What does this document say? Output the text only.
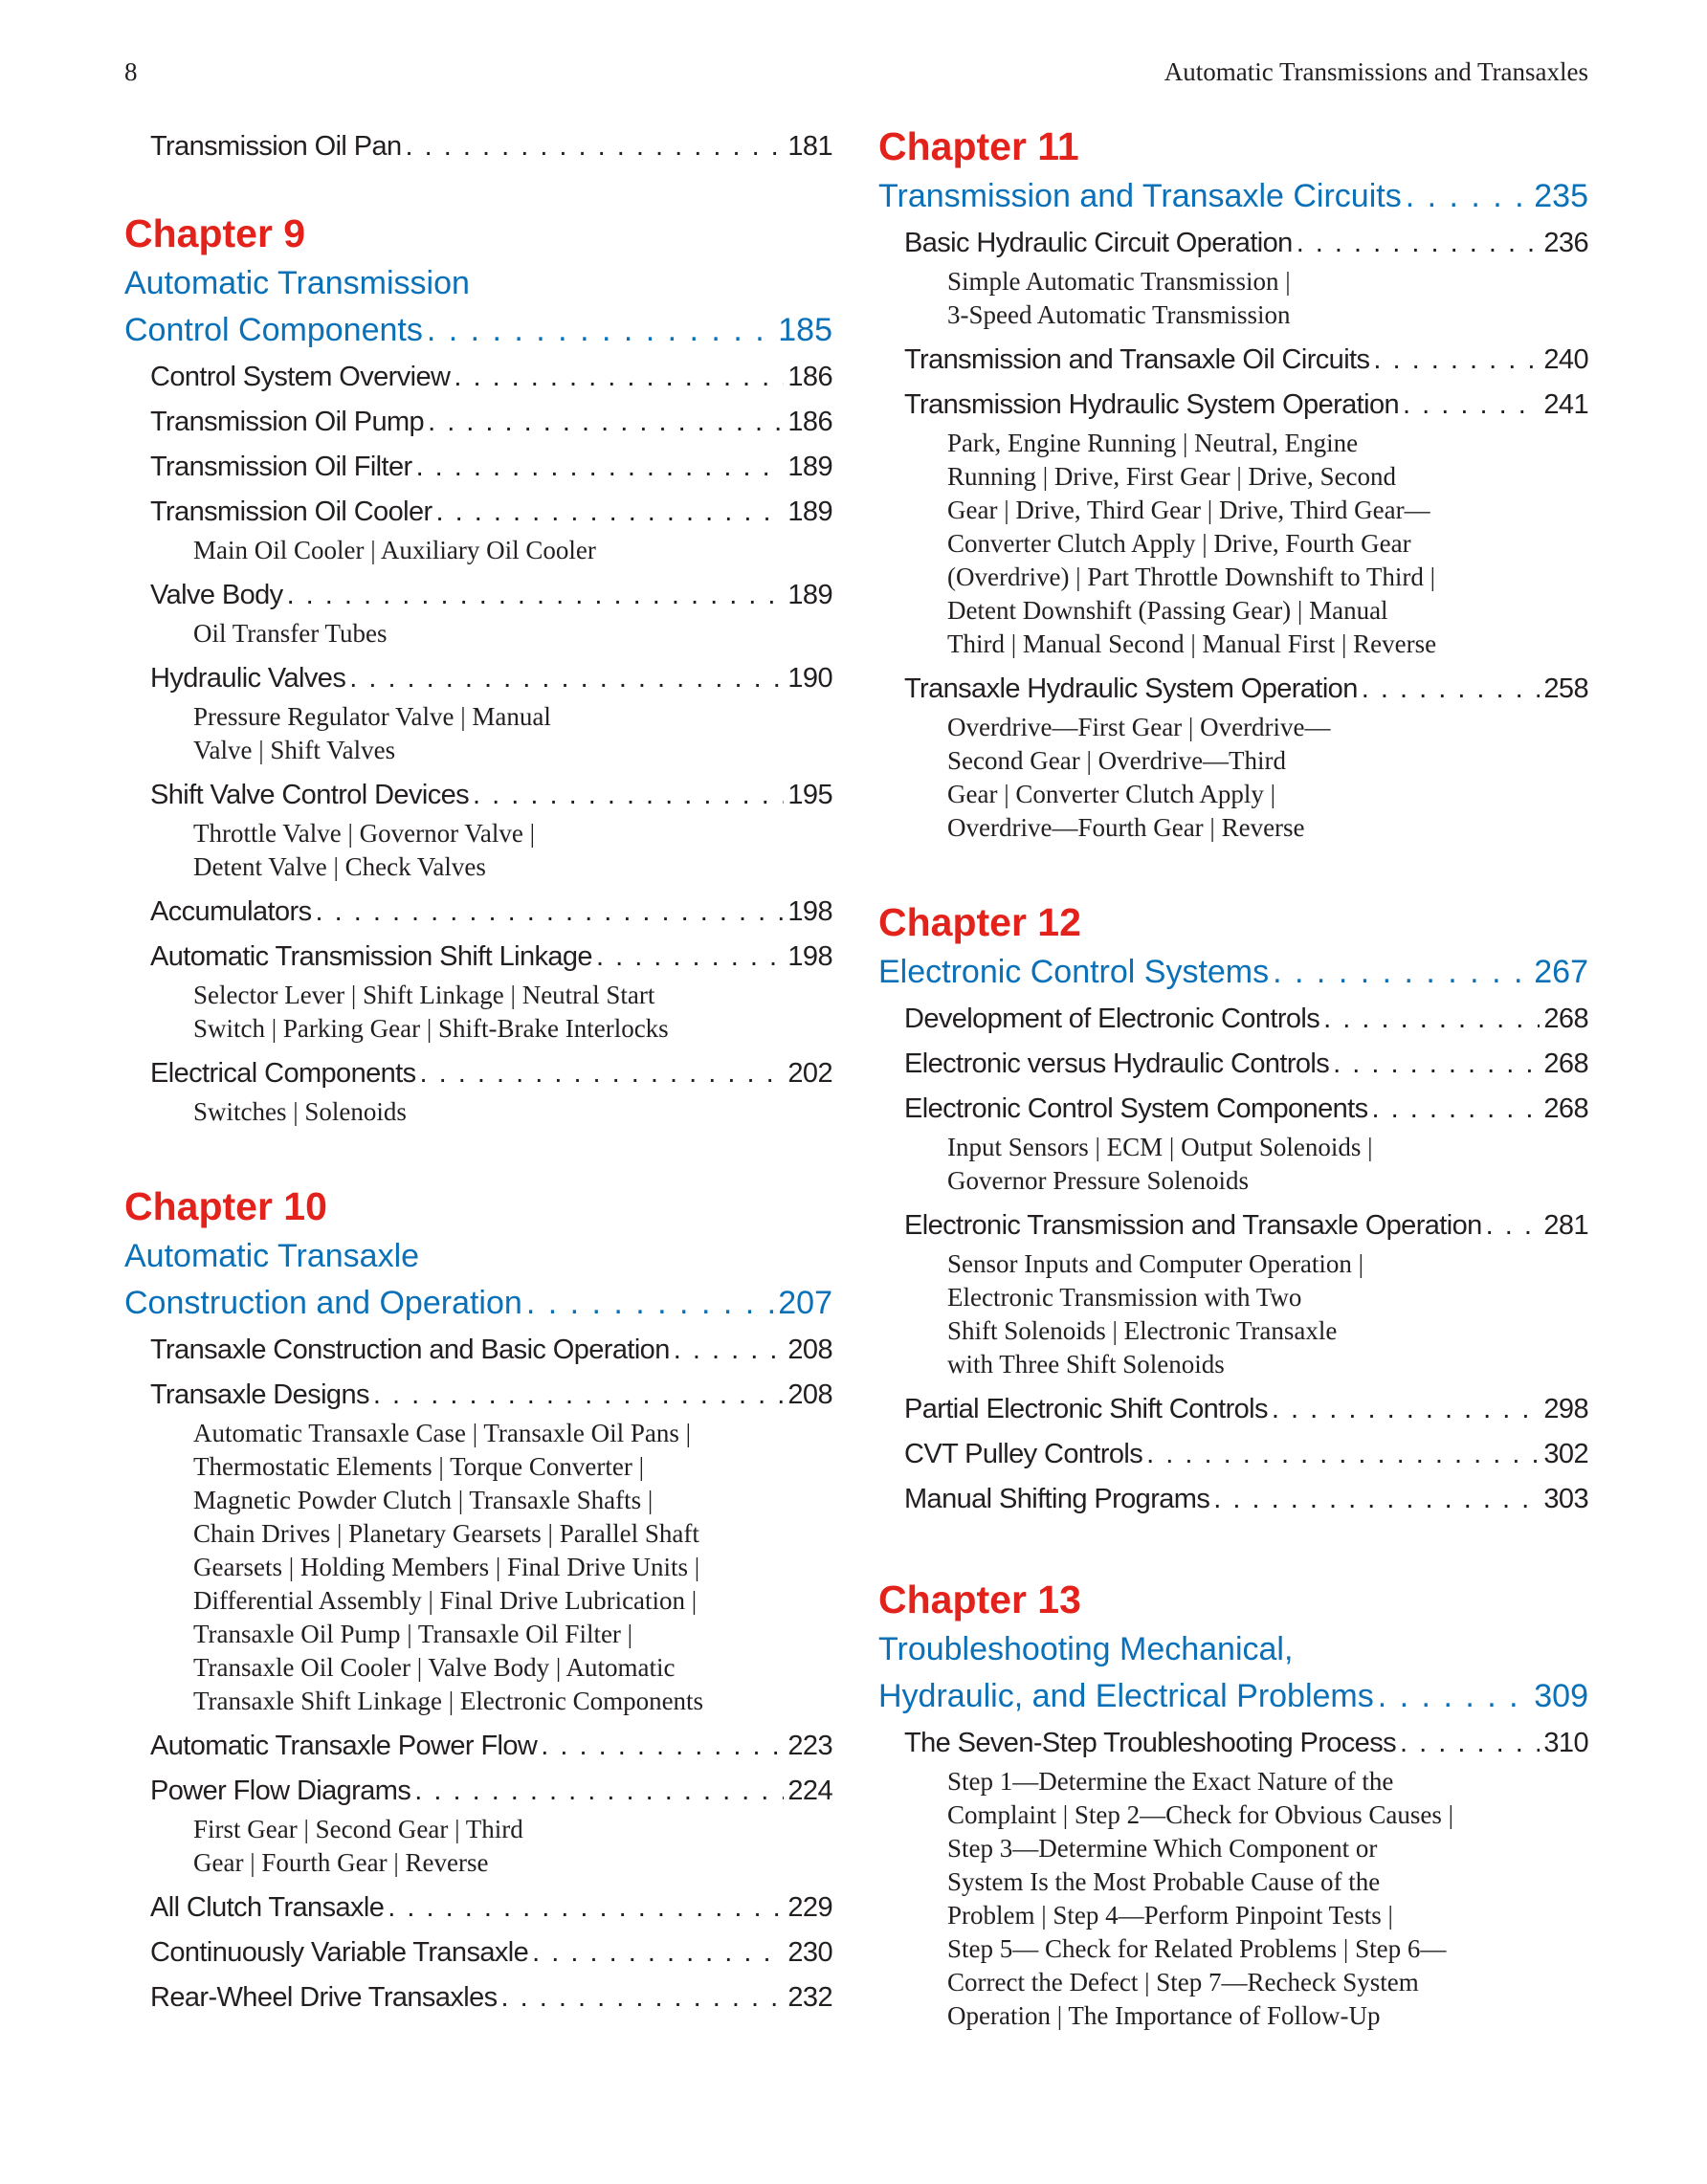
8	Automatic Transmissions and Transaxles
Transmission Oil Pan . . .	181
Chapter 9
Automatic Transmission
Control Components . . .	185
Control System Overview . . .	186
Transmission Oil Pump . . .	186
Transmission Oil Filter . . .	189
Transmission Oil Cooler . . .	189
Main Oil Cooler | Auxiliary Oil Cooler
Valve Body . . .	189
Oil Transfer Tubes
Hydraulic Valves . . .	190
Pressure Regulator Valve | Manual
Valve | Shift Valves
Shift Valve Control Devices . . .	195
Throttle Valve | Governor Valve |
Detent Valve | Check Valves
Accumulators . . .	198
Automatic Transmission Shift Linkage . . .	198
Selector Lever | Shift Linkage | Neutral Start
Switch | Parking Gear | Shift-Brake Interlocks
Electrical Components . . .	202
Switches | Solenoids
Chapter 10
Automatic Transaxle
Construction and Operation . . .	207
Transaxle Construction and Basic Operation . . .	208
Transaxle Designs . . .	208
Automatic Transaxle Case | Transaxle Oil Pans |
Thermostatic Elements | Torque Converter |
Magnetic Powder Clutch | Transaxle Shafts |
Chain Drives | Planetary Gearsets | Parallel Shaft
Gearsets | Holding Members | Final Drive Units |
Differential Assembly | Final Drive Lubrication |
Transaxle Oil Pump | Transaxle Oil Filter |
Transaxle Oil Cooler | Valve Body | Automatic
Transaxle Shift Linkage | Electronic Components
Automatic Transaxle Power Flow . . .	223
Power Flow Diagrams . . .	224
First Gear | Second Gear | Third
Gear | Fourth Gear | Reverse
All Clutch Transaxle . . .	229
Continuously Variable Transaxle . . .	230
Rear-Wheel Drive Transaxles . . .	232
Chapter 11
Transmission and Transaxle Circuits . . .	235
Basic Hydraulic Circuit Operation . . .	236
Simple Automatic Transmission |
3-Speed Automatic Transmission
Transmission and Transaxle Oil Circuits . . .	240
Transmission Hydraulic System Operation . . .	241
Park, Engine Running | Neutral, Engine
Running | Drive, First Gear | Drive, Second
Gear | Drive, Third Gear | Drive, Third Gear—
Converter Clutch Apply | Drive, Fourth Gear
(Overdrive) | Part Throttle Downshift to Third |
Detent Downshift (Passing Gear) | Manual
Third | Manual Second | Manual First | Reverse
Transaxle Hydraulic System Operation . . .	258
Overdrive—First Gear | Overdrive—
Second Gear | Overdrive—Third
Gear | Converter Clutch Apply |
Overdrive—Fourth Gear | Reverse
Chapter 12
Electronic Control Systems . . .	267
Development of Electronic Controls . . .	268
Electronic versus Hydraulic Controls . . .	268
Electronic Control System Components . . .	268
Input Sensors | ECM | Output Solenoids |
Governor Pressure Solenoids
Electronic Transmission and Transaxle Operation . . . 281
Sensor Inputs and Computer Operation |
Electronic Transmission with Two
Shift Solenoids | Electronic Transaxle
with Three Shift Solenoids
Partial Electronic Shift Controls . . .	298
CVT Pulley Controls . . .	302
Manual Shifting Programs . . .	303
Chapter 13
Troubleshooting Mechanical,
Hydraulic, and Electrical Problems . . .	309
The Seven-Step Troubleshooting Process . . .	310
Step 1—Determine the Exact Nature of the
Complaint | Step 2—Check for Obvious Causes |
Step 3—Determine Which Component or
System Is the Most Probable Cause of the
Problem | Step 4—Perform Pinpoint Tests |
Step 5— Check for Related Problems | Step 6—
Correct the Defect | Step 7—Recheck System
Operation | The Importance of Follow-Up
